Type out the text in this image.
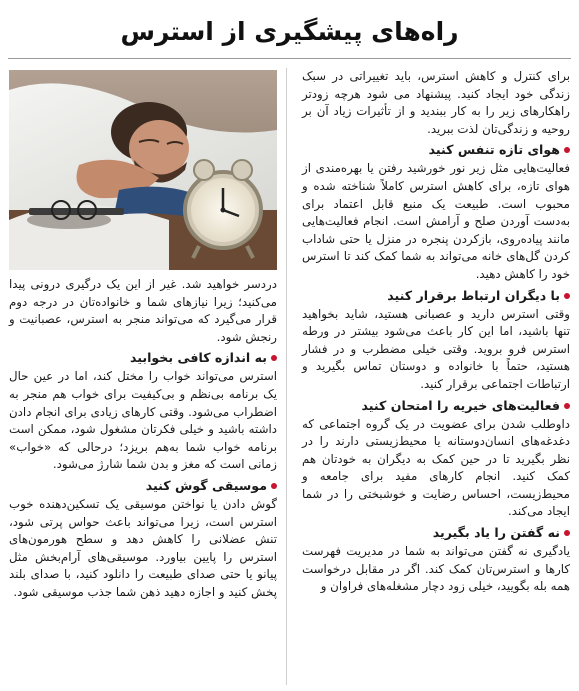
راه‌های پیشگیری از استرس

برای کنترل و کاهش استرس، باید تغییراتی در سبک زندگی خود ایجاد کنید. پیشنهاد می شود هرچه زودتر راهکارهای زیر را به کار ببندید و از تأثیرات زیاد آن بر روحیه و زندگی‌تان لذت ببرید.

هوای تازه تنفس کنید

فعالیت‌هایی مثل زیر نور خورشید رفتن یا بهره‌مندی از هوای تازه، برای کاهش استرس کاملاً شناخته شده و محبوب است. طبیعت یک منبع قابل اعتماد برای به‌دست آوردن صلح و آرامش است. انجام فعالیت‌هایی مانند پیاده‌روی، بازکردن پنجره در منزل یا حتی شاداب کردن گل‌های خانه می‌تواند به شما کمک کند تا استرس خود را کاهش دهید.

با دیگران ارتباط برقرار کنید

وقتی استرس دارید و عصبانی هستید، شاید بخواهید تنها باشید، اما این کار باعث می‌شود بیشتر در ورطه استرس فرو بروید. وقتی خیلی مضطرب و در فشار هستید، حتماً با خانواده و دوستان تماس بگیرید و ارتباطات اجتماعی برقرار کنید.

فعالیت‌های خیریه را امتحان کنید

داوطلب شدن برای عضویت در یک گروه اجتماعی که دغدغه‌های انسان‌دوستانه یا محیط‌زیستی دارند را در نظر بگیرید تا در حین کمک به دیگران به خودتان هم کمک کنید. انجام کارهای مفید برای جامعه و محیط‌زیست، احساس رضایت و خوشبختی را در شما ایجاد می‌کند.

نه گفتن را یاد بگیرید

یادگیری نه گفتن می‌تواند به شما در مدیریت فهرست کارها و استرس‌تان کمک کند. اگر در مقابل درخواست همه بله بگویید، خیلی زود دچار مشغله‌های فراوان و

دردسر خواهید شد. غیر از این یک درگیری درونی پیدا می‌کنید؛ زیرا نیازهای شما و خانواده‌تان در درجه دوم قرار می‌گیرد که می‌تواند منجر به استرس، عصبانیت و رنجش شود.

به اندازه کافی بخوابید

استرس می‌تواند خواب را مختل کند، اما در عین حال یک برنامه بی‌نظم و بی‌کیفیت برای خواب هم منجر به اضطراب می‌شود. وقتی کارهای زیادی برای انجام دادن داشته باشید و خیلی فکرتان مشغول شود، ممکن است برنامه خواب شما به‌هم بریزد؛ درحالی که «خواب» زمانی است که مغز و بدن شما شارژ می‌شود.

موسیقی گوش کنید

گوش دادن یا نواختن موسیقی یک تسکین‌دهنده خوب استرس است، زیرا می‌تواند باعث حواس پرتی شود، تنش عضلانی را کاهش دهد و سطح هورمون‌های استرس را پایین بیاورد. موسیقی‌های آرام‌بخش مثل پیانو یا حتی صدای طبیعت را دانلود کنید، با صدای بلند پخش کنید و اجازه دهید ذهن شما جذب موسیقی شود.
